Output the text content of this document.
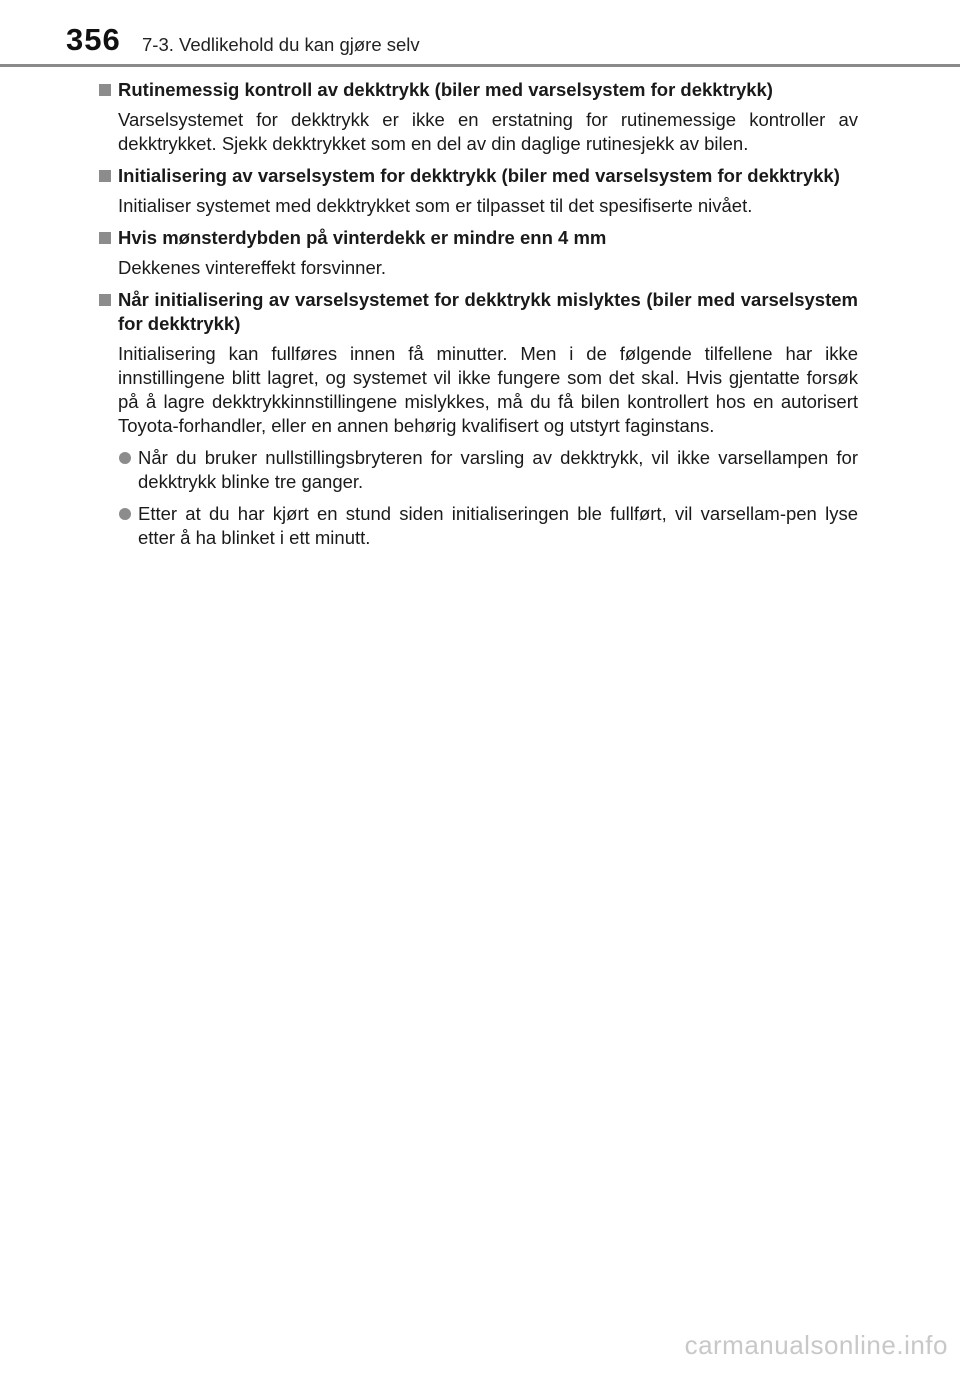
356 7-3. Vedlikehold du kan gjøre selv
Rutinemessig kontroll av dekktrykk (biler med varselsystem for dekktrykk)
Varselsystemet for dekktrykk er ikke en erstatning for rutinemessige kontroller av dekktrykket. Sjekk dekktrykket som en del av din daglige rutinesjekk av bilen.
Initialisering av varselsystem for dekktrykk (biler med varselsystem for dekktrykk)
Initialiser systemet med dekktrykket som er tilpasset til det spesifiserte nivået.
Hvis mønsterdybden på vinterdekk er mindre enn 4 mm
Dekkenes vintereffekt forsvinner.
Når initialisering av varselsystemet for dekktrykk mislyktes (biler med varselsystem for dekktrykk)
Initialisering kan fullføres innen få minutter. Men i de følgende tilfellene har ikke innstillingene blitt lagret, og systemet vil ikke fungere som det skal. Hvis gjentatte forsøk på å lagre dekktrykkinnstillingene mislykkes, må du få bilen kontrollert hos en autorisert Toyota-forhandler, eller en annen behørig kvalifisert og utstyrt faginstans.
Når du bruker nullstillingsbryteren for varsling av dekktrykk, vil ikke varsellampen for dekktrykk blinke tre ganger.
Etter at du har kjørt en stund siden initialiseringen ble fullført, vil varsellam-pen lyse etter å ha blinket i ett minutt.
carmanualsonline.info
